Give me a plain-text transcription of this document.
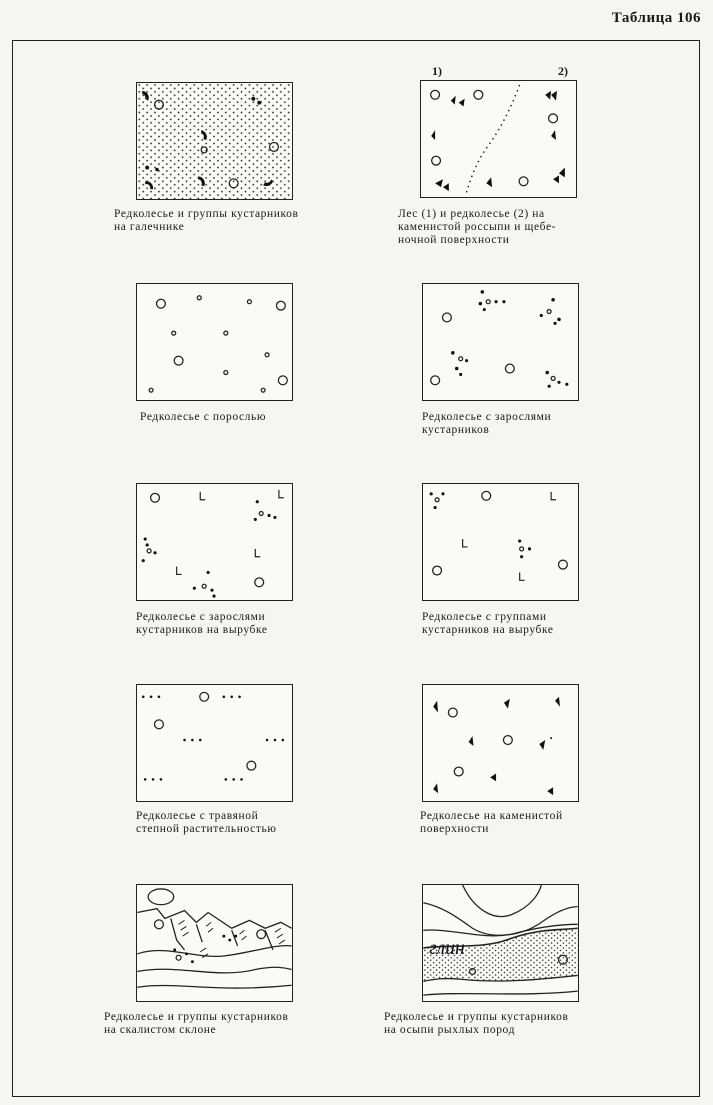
Таблица 106
Редколесье и группы кустарников
на галечнике
1)	2)
Лес (1) и редколесье (2) на
каменистой россыпи и щебе-
ночной поверхности
Редколесье с порослью	Редколесье с зарослями
кустарников
Редколесье с зарослями
кустарников на вырубке
Редколесье с группами
кустарников на вырубке
Редколесье с травяной
степной растительностью
Редколесье на каменистой
поверхности
Редколесье и группы кустарников
на скалистом склоне
глин
Редколесье и группы кустарников
на осыпи рыхлых пород
